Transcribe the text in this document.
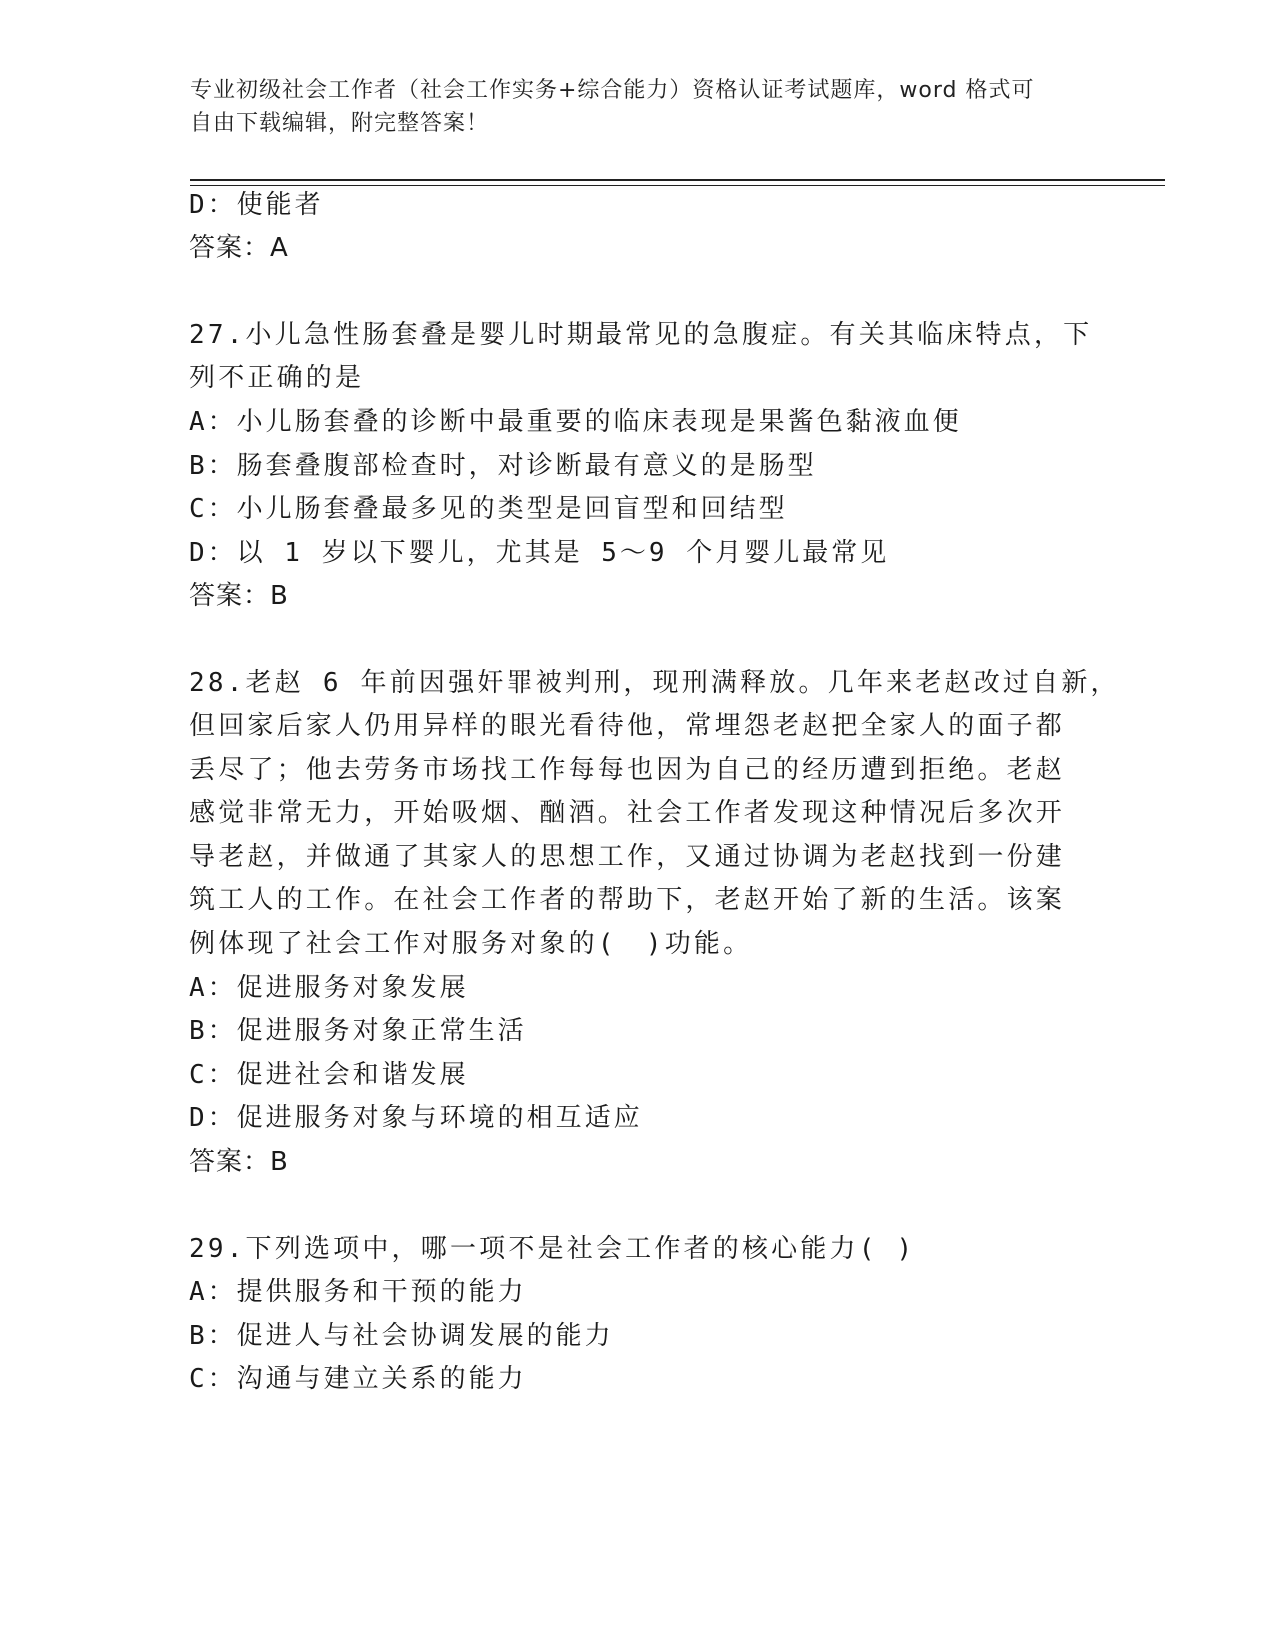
专业初级社会工作者（社会工作实务+综合能力）资格认证考试题库，word 格式可
自由下载编辑，附完整答案！
D：使能者
答案：A
27.小儿急性肠套叠是婴儿时期最常见的急腹症。有关其临床特点，下
列不正确的是
A：小儿肠套叠的诊断中最重要的临床表现是果酱色黏液血便
B：肠套叠腹部检查时，对诊断最有意义的是肠型
C：小儿肠套叠最多见的类型是回盲型和回结型
D：以 1 岁以下婴儿，尤其是 5～9 个月婴儿最常见
答案：B
28.老赵 6 年前因强奸罪被判刑，现刑满释放。几年来老赵改过自新，
但回家后家人仍用异样的眼光看待他，常埋怨老赵把全家人的面子都
丢尽了；他去劳务市场找工作每每也因为自己的经历遭到拒绝。老赵
感觉非常无力，开始吸烟、酗酒。社会工作者发现这种情况后多次开
导老赵，并做通了其家人的思想工作，又通过协调为老赵找到一份建
筑工人的工作。在社会工作者的帮助下，老赵开始了新的生活。该案
例体现了社会工作对服务对象的(　)功能。
A：促进服务对象发展
B：促进服务对象正常生活
C：促进社会和谐发展
D：促进服务对象与环境的相互适应
答案：B
29.下列选项中，哪一项不是社会工作者的核心能力( )
A：提供服务和干预的能力
B：促进人与社会协调发展的能力
C：沟通与建立关系的能力
